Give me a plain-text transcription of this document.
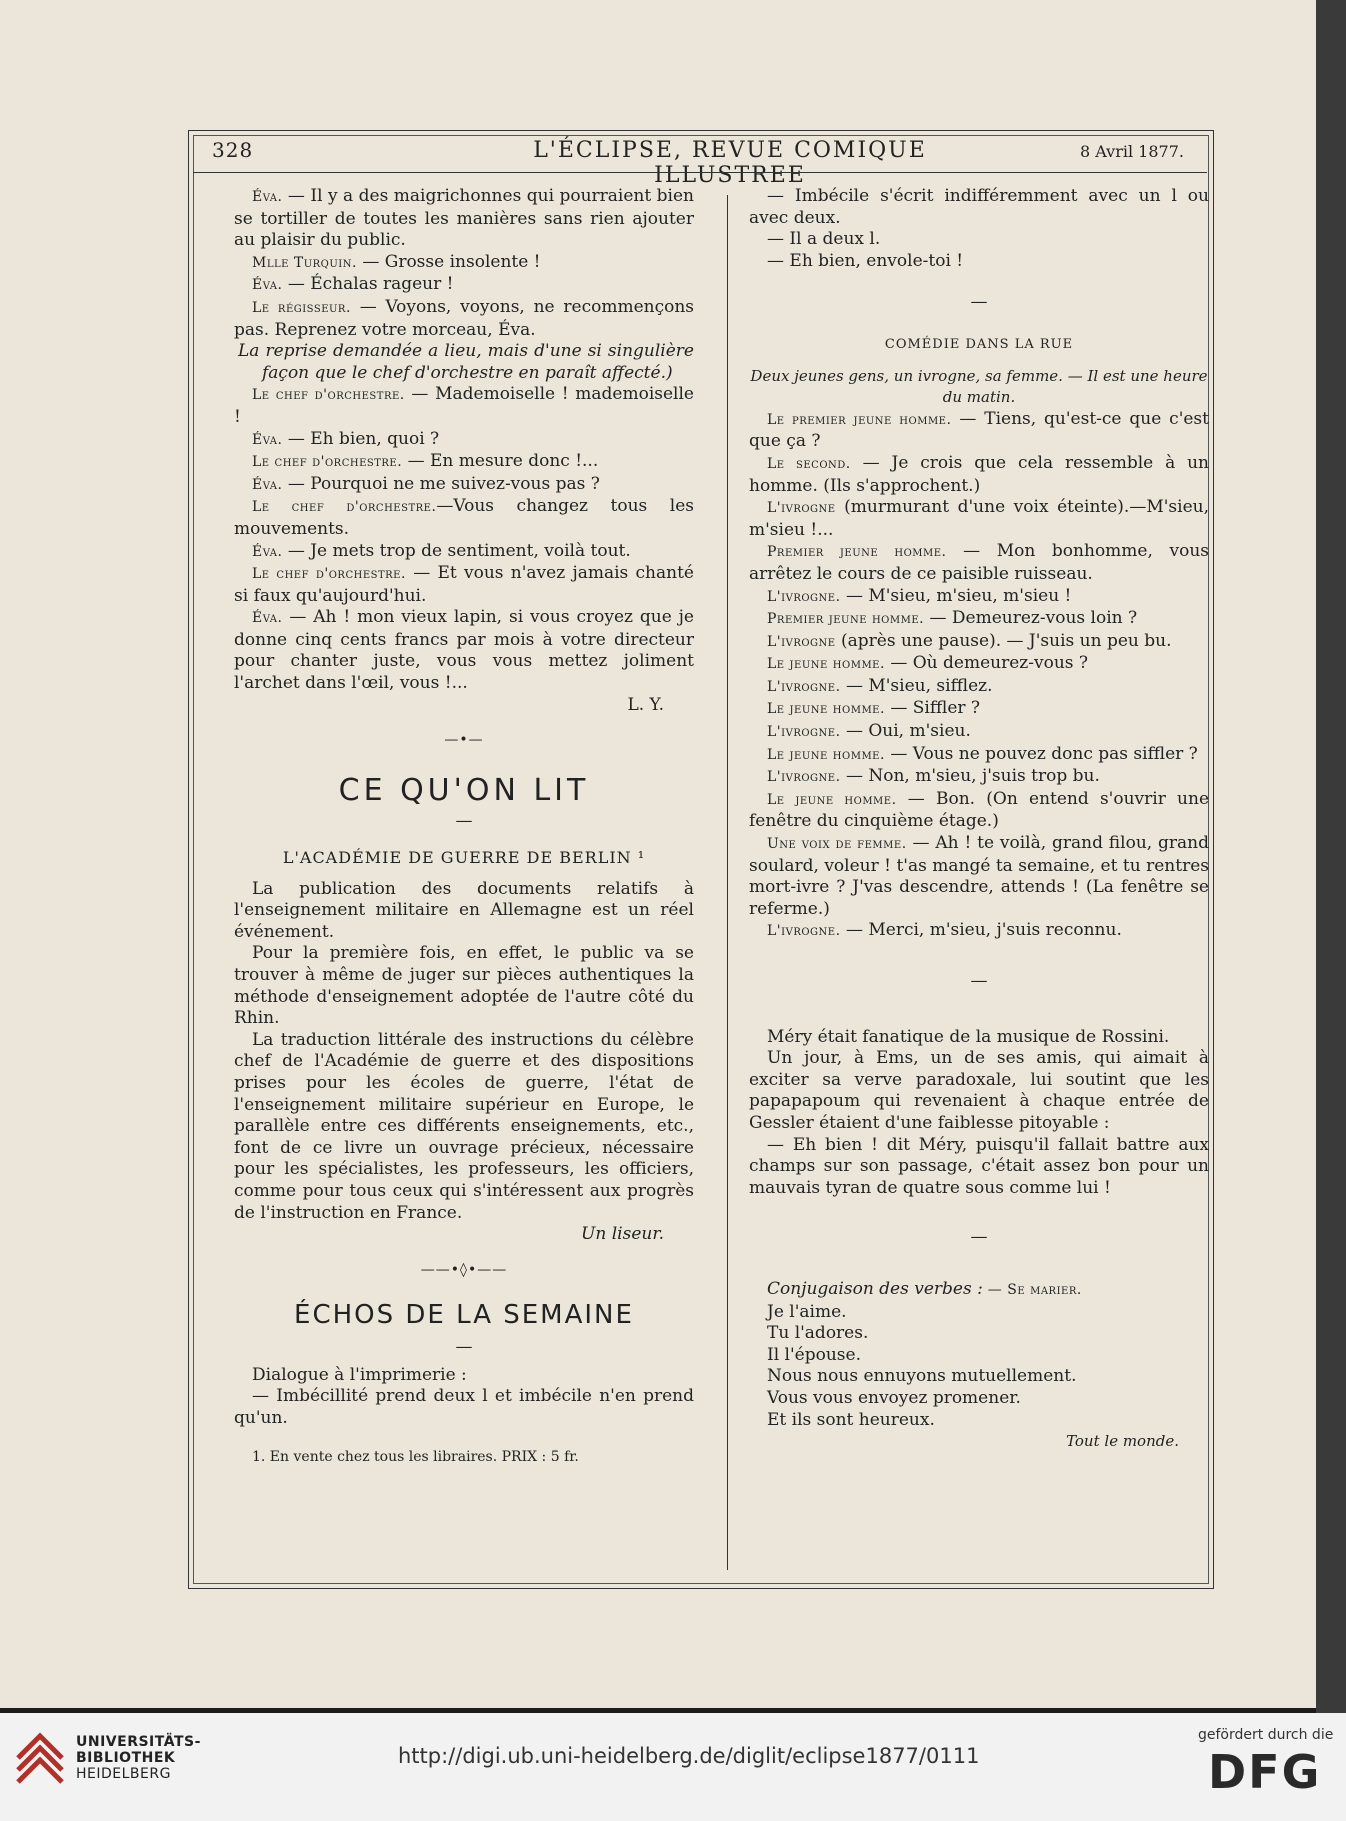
328	L'ÉCLIPSE, REVUE COMIQUE ILLUSTREE
8 Avril 1877.

Éva. — Il y a des maigrichonnes qui pourraient bien se tortiller de toutes les manières sans rien ajouter au plaisir du public.

Mlle Turquin. — Grosse insolente !

Éva. — Échalas rageur !

Le régisseur. — Voyons, voyons, ne recommençons pas. Reprenez votre morceau, Éva.

La reprise demandée a lieu, mais d'une si singulière façon que le chef d'orchestre en paraît affecté.)

Le chef d'orchestre. — Mademoiselle ! mademoiselle !

Éva. — Eh bien, quoi ?

Le chef d'orchestre. — En mesure donc !...

Éva. — Pourquoi ne me suivez-vous pas ?

Le chef d'orchestre.—Vous changez tous les mouvements.

Éva. — Je mets trop de sentiment, voilà tout.

Le chef d'orchestre. — Et vous n'avez jamais chanté si faux qu'aujourd'hui.

Éva. — Ah ! mon vieux lapin, si vous croyez que je donne cinq cents francs par mois à votre directeur pour chanter juste, vous vous mettez joliment l'archet dans l'œil, vous !...

L. Y.

—•—
CE QU'ON LIT
—
L'ACADÉMIE DE GUERRE DE BERLIN ¹

La publication des documents relatifs à l'enseignement militaire en Allemagne est un réel événement.

Pour la première fois, en effet, le public va se trouver à même de juger sur pièces authentiques la méthode d'enseignement adoptée de l'autre côté du Rhin.

La traduction littérale des instructions du célèbre chef de l'Académie de guerre et des dispositions prises pour les écoles de guerre, l'état de l'enseignement militaire supérieur en Europe, le parallèle entre ces différents enseignements, etc., font de ce livre un ouvrage précieux, nécessaire pour les spécialistes, les professeurs, les officiers, comme pour tous ceux qui s'intéressent aux progrès de l'instruction en France.

Un liseur.

——•◊•——
ÉCHOS DE LA SEMAINE
—

Dialogue à l'imprimerie :

— Imbécillité prend deux l et imbécile n'en prend qu'un.

1. En vente chez tous les libraires. PRIX : 5 fr.

— Imbécile s'écrit indifféremment avec un l ou avec deux.

— Il a deux l.

— Eh bien, envole-toi !

—
COMÉDIE DANS LA RUE

Deux jeunes gens, un ivrogne, sa femme. — Il est une heure du matin.

Le premier jeune homme. — Tiens, qu'est-ce que c'est que ça ?

Le second. — Je crois que cela ressemble à un homme. (Ils s'approchent.)

L'ivrogne (murmurant d'une voix éteinte).—M'sieu, m'sieu !...

Premier jeune homme. — Mon bonhomme, vous arrêtez le cours de ce paisible ruisseau.

L'ivrogne. — M'sieu, m'sieu, m'sieu !

Premier jeune homme. — Demeurez-vous loin ?

L'ivrogne (après une pause). — J'suis un peu bu.

Le jeune homme. — Où demeurez-vous ?

L'ivrogne. — M'sieu, sifflez.

Le jeune homme. — Siffler ?

L'ivrogne. — Oui, m'sieu.

Le jeune homme. — Vous ne pouvez donc pas siffler ?

L'ivrogne. — Non, m'sieu, j'suis trop bu.

Le jeune homme. — Bon. (On entend s'ouvrir une fenêtre du cinquième étage.)

Une voix de femme. — Ah ! te voilà, grand filou, grand soulard, voleur ! t'as mangé ta semaine, et tu rentres mort-ivre ? J'vas descendre, attends ! (La fenêtre se referme.)

L'ivrogne. — Merci, m'sieu, j'suis reconnu.

—

Méry était fanatique de la musique de Rossini.

Un jour, à Ems, un de ses amis, qui aimait à exciter sa verve paradoxale, lui soutint que les papapapoum qui revenaient à chaque entrée de Gessler étaient d'une faiblesse pitoyable :

— Eh bien ! dit Méry, puisqu'il fallait battre aux champs sur son passage, c'était assez bon pour un mauvais tyran de quatre sous comme lui !

—

Conjugaison des verbes : — Se marier.

Je l'aime.

Tu l'adores.

Il l'épouse.

Nous nous ennuyons mutuellement.

Vous vous envoyez promener.

Et ils sont heureux.

Tout le monde.

UNIVERSITÄTS-
BIBLIOTHEK
HEIDELBERG
http://digi.ub.uni-heidelberg.de/diglit/eclipse1877/0111
gefördert durch die
DFG
